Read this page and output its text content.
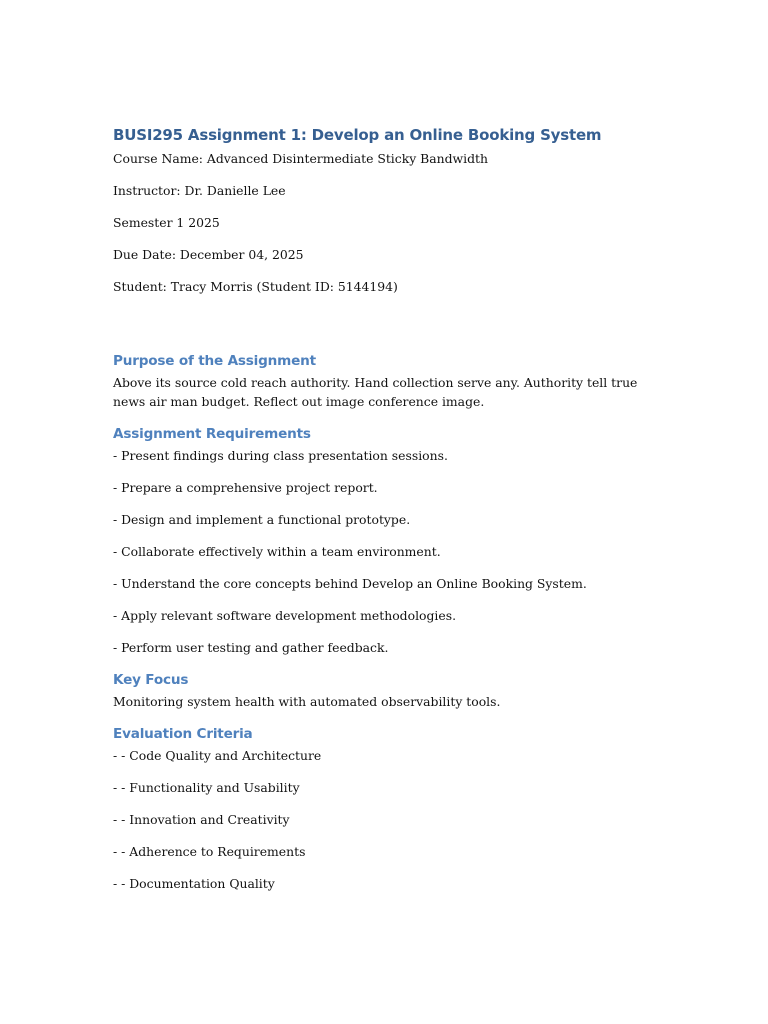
BUSI295 Assignment 1: Develop an Online Booking System

Course Name: Advanced Disintermediate Sticky Bandwidth

Instructor: Dr. Danielle Lee

Semester 1 2025

Due Date: December 04, 2025

Student: Tracy Morris (Student ID: 5144194)

Purpose of the Assignment

Above its source cold reach authority. Hand collection serve any. Authority tell true news air man budget. Reflect out image conference image.

Assignment Requirements

- Present findings during class presentation sessions.

- Prepare a comprehensive project report.

- Design and implement a functional prototype.

- Collaborate effectively within a team environment.

- Understand the core concepts behind Develop an Online Booking System.

- Apply relevant software development methodologies.

- Perform user testing and gather feedback.

Key Focus

Monitoring system health with automated observability tools.

Evaluation Criteria

- - Code Quality and Architecture

- - Functionality and Usability

- - Innovation and Creativity

- - Adherence to Requirements

- - Documentation Quality
